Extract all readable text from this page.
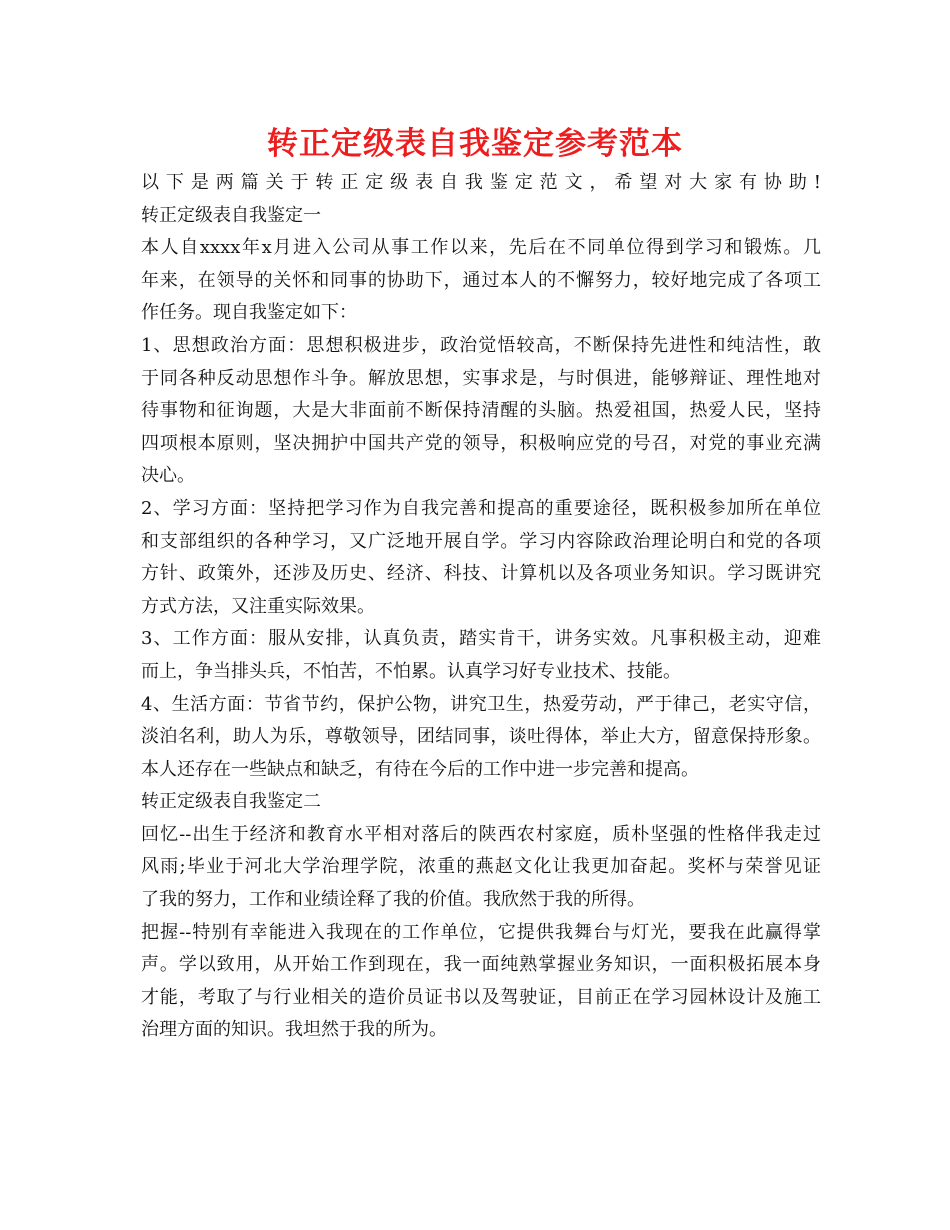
转正定级表自我鉴定参考范本
以下是两篇关于转正定级表自我鉴定范文，希望对大家有协助!
转正定级表自我鉴定一
本人自xxxx年x月进入公司从事工作以来，先后在不同单位得到学习和锻炼。几
年来，在领导的关怀和同事的协助下，通过本人的不懈努力，较好地完成了各项工
作任务。现自我鉴定如下：
1、思想政治方面：思想积极进步，政治觉悟较高，不断保持先进性和纯洁性，敢
于同各种反动思想作斗争。解放思想，实事求是，与时俱进，能够辩证、理性地对
待事物和征询题，大是大非面前不断保持清醒的头脑。热爱祖国，热爱人民，坚持
四项根本原则，坚决拥护中国共产党的领导，积极响应党的号召，对党的事业充满
决心。
2、学习方面：坚持把学习作为自我完善和提高的重要途径，既积极参加所在单位
和支部组织的各种学习，又广泛地开展自学。学习内容除政治理论明白和党的各项
方针、政策外，还涉及历史、经济、科技、计算机以及各项业务知识。学习既讲究
方式方法，又注重实际效果。
3、工作方面：服从安排，认真负责，踏实肯干，讲务实效。凡事积极主动，迎难
而上，争当排头兵，不怕苦，不怕累。认真学习好专业技术、技能。
4、生活方面：节省节约，保护公物，讲究卫生，热爱劳动，严于律己，老实守信，
淡泊名利，助人为乐，尊敬领导，团结同事，谈吐得体，举止大方，留意保持形象。
本人还存在一些缺点和缺乏，有待在今后的工作中进一步完善和提高。
转正定级表自我鉴定二
回忆--出生于经济和教育水平相对落后的陕西农村家庭，质朴坚强的性格伴我走过
风雨;毕业于河北大学治理学院，浓重的燕赵文化让我更加奋起。奖杯与荣誉见证
了我的努力，工作和业绩诠释了我的价值。我欣然于我的所得。
把握--特别有幸能进入我现在的工作单位，它提供我舞台与灯光，要我在此赢得掌
声。学以致用，从开始工作到现在，我一面纯熟掌握业务知识，一面积极拓展本身
才能，考取了与行业相关的造价员证书以及驾驶证，目前正在学习园林设计及施工
治理方面的知识。我坦然于我的所为。
